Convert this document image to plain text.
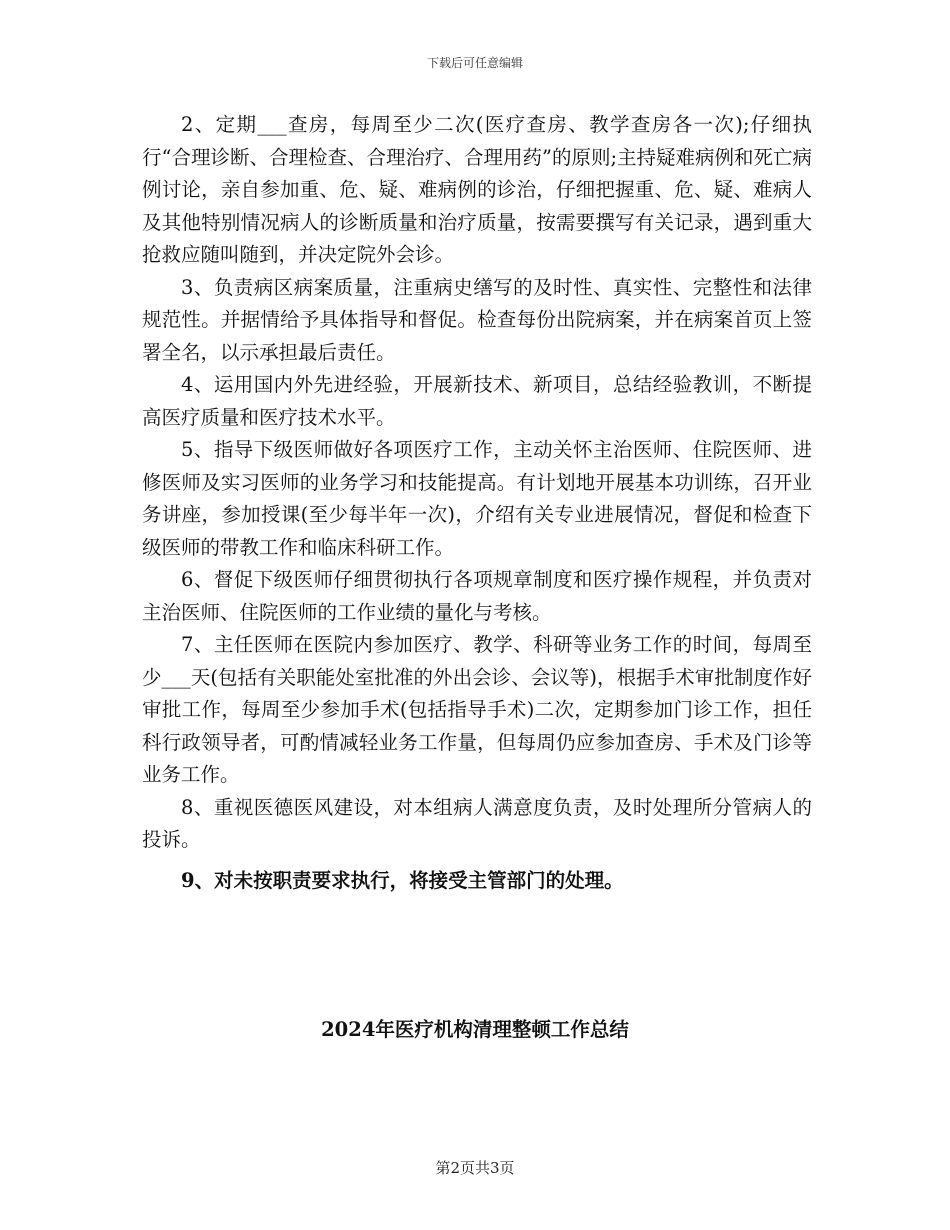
下载后可任意编辑

2、定期___查房，每周至少二次(医疗查房、教学查房各一次);仔细执行“合理诊断、合理检查、合理治疗、合理用药”的原则;主持疑难病例和死亡病例讨论，亲自参加重、危、疑、难病例的诊治，仔细把握重、危、疑、难病人及其他特别情况病人的诊断质量和治疗质量，按需要撰写有关记录，遇到重大抢救应随叫随到，并决定院外会诊。

3、负责病区病案质量，注重病史缮写的及时性、真实性、完整性和法律规范性。并据情给予具体指导和督促。检查每份出院病案，并在病案首页上签署全名，以示承担最后责任。

4、运用国内外先进经验，开展新技术、新项目，总结经验教训，不断提高医疗质量和医疗技术水平。

5、指导下级医师做好各项医疗工作，主动关怀主治医师、住院医师、进修医师及实习医师的业务学习和技能提高。有计划地开展基本功训练，召开业务讲座，参加授课(至少每半年一次)，介绍有关专业进展情况，督促和检查下级医师的带教工作和临床科研工作。

6、督促下级医师仔细贯彻执行各项规章制度和医疗操作规程，并负责对主治医师、住院医师的工作业绩的量化与考核。

7、主任医师在医院内参加医疗、教学、科研等业务工作的时间，每周至少___天(包括有关职能处室批准的外出会诊、会议等)，根据手术审批制度作好审批工作，每周至少参加手术(包括指导手术)二次，定期参加门诊工作，担任科行政领导者，可酌情减轻业务工作量，但每周仍应参加查房、手术及门诊等业务工作。

8、重视医德医风建设，对本组病人满意度负责，及时处理所分管病人的投诉。

9、对未按职责要求执行，将接受主管部门的处理。

2024年医疗机构清理整顿工作总结
第2页共3页
